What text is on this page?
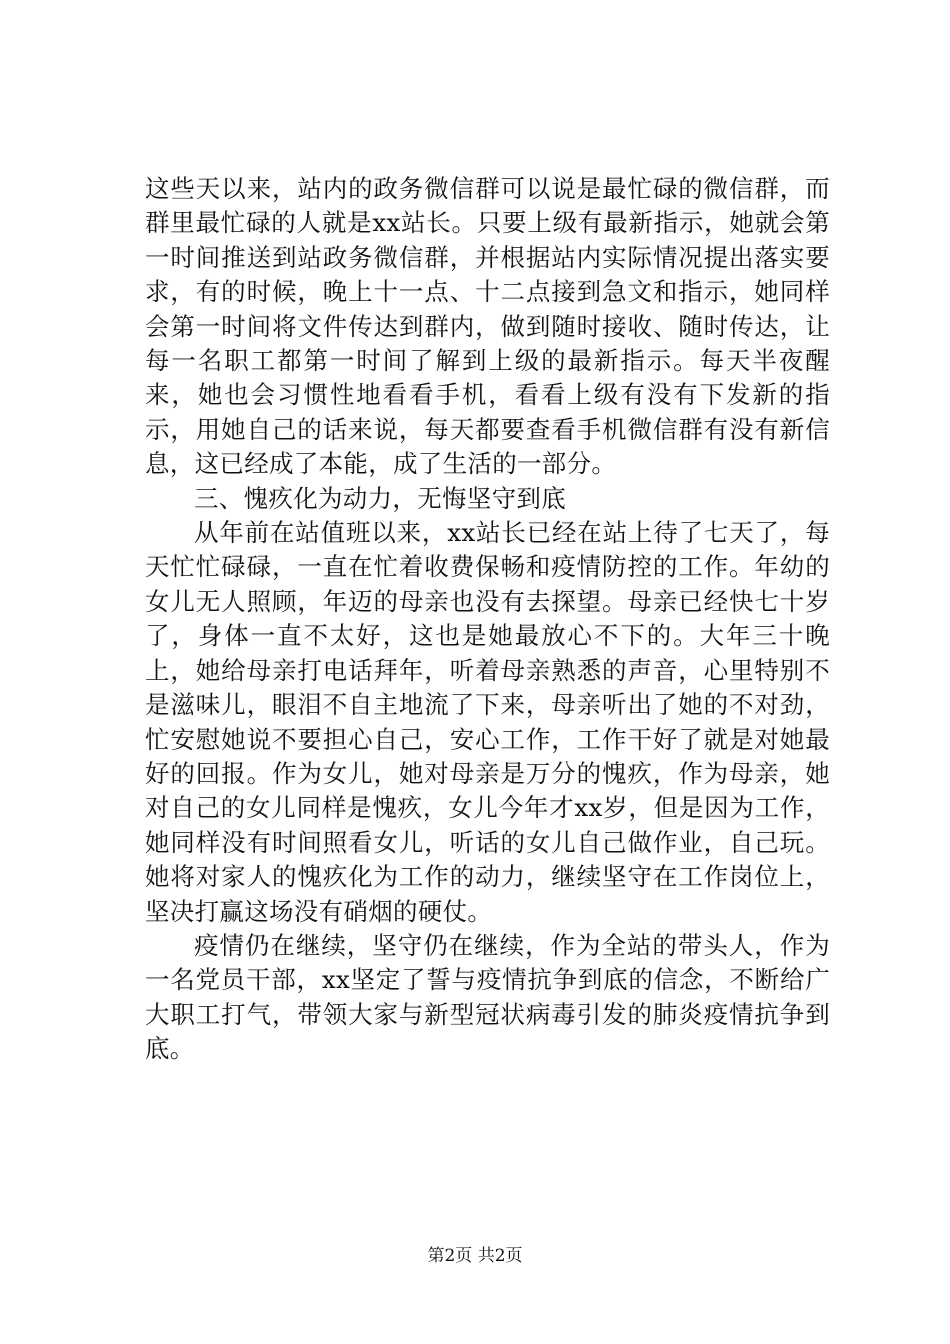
这些天以来，站内的政务微信群可以说是最忙碌的微信群，而群里最忙碌的人就是xx站长。只要上级有最新指示，她就会第一时间推送到站政务微信群，并根据站内实际情况提出落实要求，有的时候，晚上十一点、十二点接到急文和指示，她同样会第一时间将文件传达到群内，做到随时接收、随时传达，让每一名职工都第一时间了解到上级的最新指示。每天半夜醒来，她也会习惯性地看看手机，看看上级有没有下发新的指示，用她自己的话来说，每天都要查看手机微信群有没有新信息，这已经成了本能，成了生活的一部分。

三、愧疚化为动力，无悔坚守到底

从年前在站值班以来，xx站长已经在站上待了七天了，每天忙忙碌碌，一直在忙着收费保畅和疫情防控的工作。年幼的女儿无人照顾，年迈的母亲也没有去探望。母亲已经快七十岁了，身体一直不太好，这也是她最放心不下的。大年三十晚上，她给母亲打电话拜年，听着母亲熟悉的声音，心里特别不是滋味儿，眼泪不自主地流了下来，母亲听出了她的不对劲，忙安慰她说不要担心自己，安心工作，工作干好了就是对她最好的回报。作为女儿，她对母亲是万分的愧疚，作为母亲，她对自己的女儿同样是愧疚，女儿今年才xx岁，但是因为工作，她同样没有时间照看女儿，听话的女儿自己做作业，自己玩。她将对家人的愧疚化为工作的动力，继续坚守在工作岗位上，坚决打赢这场没有硝烟的硬仗。

疫情仍在继续，坚守仍在继续，作为全站的带头人，作为一名党员干部，xx坚定了誓与疫情抗争到底的信念，不断给广大职工打气，带领大家与新型冠状病毒引发的肺炎疫情抗争到底。

第2页 共2页
